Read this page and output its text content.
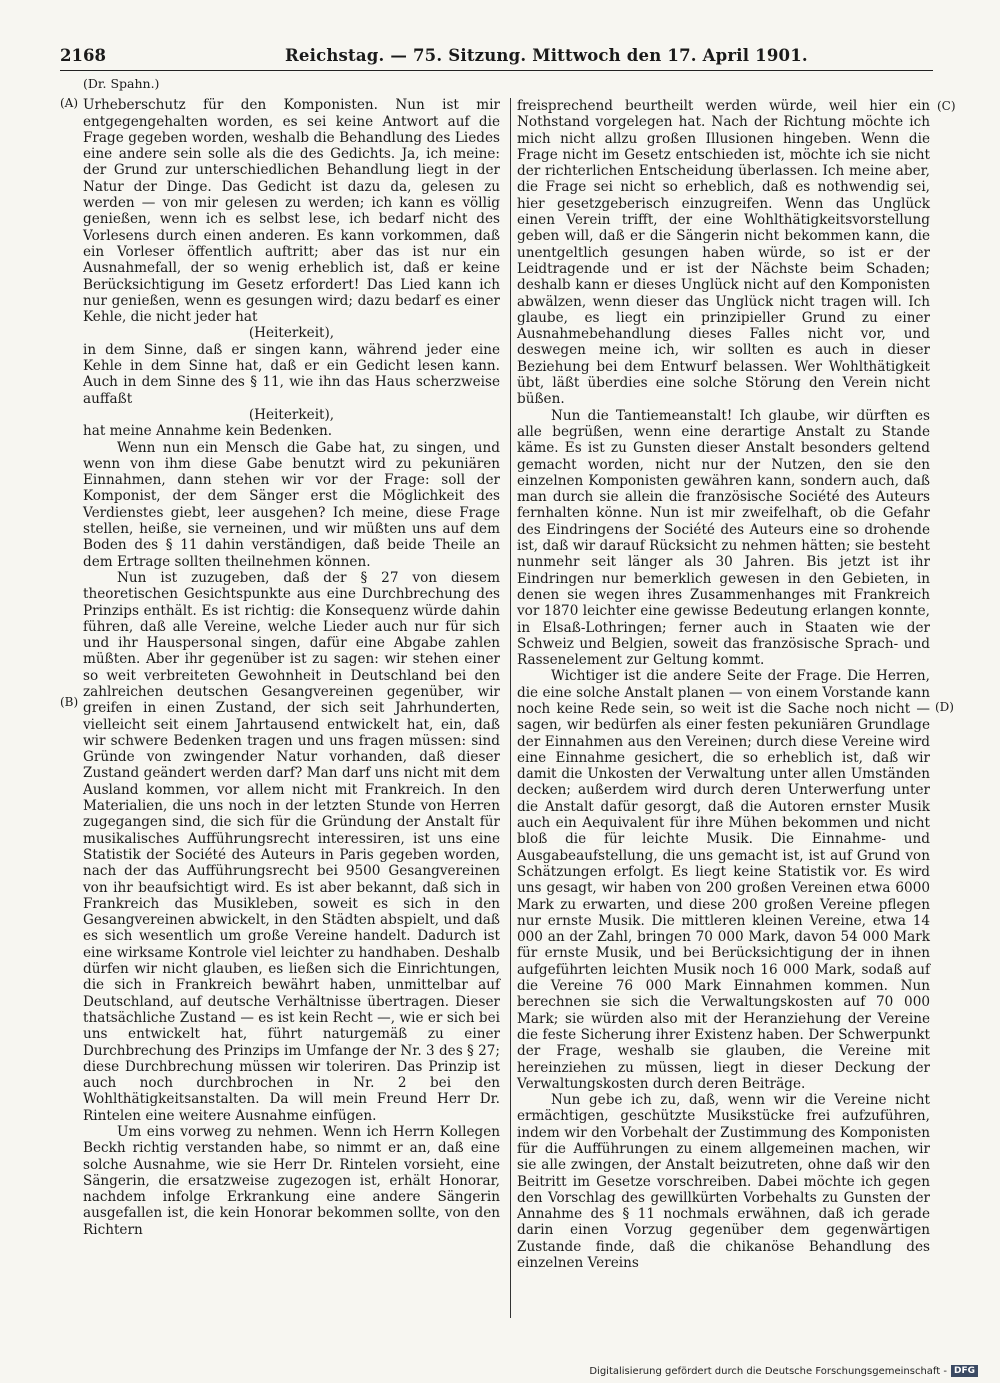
2168	Reichstag. — 75. Sitzung. Mittwoch den 17. April 1901.
(A)
(B)
(C)
(D)
(Dr. Spahn.)

Urheberschutz für den Komponisten. Nun ist mir entgegengehalten worden, es sei keine Antwort auf die Frage gegeben worden, weshalb die Behandlung des Liedes eine andere sein solle als die des Gedichts. Ja, ich meine: der Grund zur unterschiedlichen Behandlung liegt in der Natur der Dinge. Das Gedicht ist dazu da, gelesen zu werden — von mir gelesen zu werden; ich kann es völlig genießen, wenn ich es selbst lese, ich bedarf nicht des Vorlesens durch einen anderen. Es kann vorkommen, daß ein Vorleser öffentlich auftritt; aber das ist nur ein Ausnahmefall, der so wenig erheblich ist, daß er keine Berücksichtigung im Gesetz erfordert! Das Lied kann ich nur genießen, wenn es gesungen wird; dazu bedarf es einer Kehle, die nicht jeder hat

(Heiterkeit),

in dem Sinne, daß er singen kann, während jeder eine Kehle in dem Sinne hat, daß er ein Gedicht lesen kann. Auch in dem Sinne des § 11, wie ihn das Haus scherzweise auffaßt

(Heiterkeit),

hat meine Annahme kein Bedenken.

Wenn nun ein Mensch die Gabe hat, zu singen, und wenn von ihm diese Gabe benutzt wird zu pekuniären Einnahmen, dann stehen wir vor der Frage: soll der Komponist, der dem Sänger erst die Möglichkeit des Verdienstes giebt, leer ausgehen? Ich meine, diese Frage stellen, heiße, sie verneinen, und wir müßten uns auf dem Boden des § 11 dahin verständigen, daß beide Theile an dem Ertrage sollten theilnehmen können.

Nun ist zuzugeben, daß der § 27 von diesem theoretischen Gesichtspunkte aus eine Durchbrechung des Prinzips enthält. Es ist richtig: die Konsequenz würde dahin führen, daß alle Vereine, welche Lieder auch nur für sich und ihr Hauspersonal singen, dafür eine Abgabe zahlen müßten. Aber ihr gegenüber ist zu sagen: wir stehen einer so weit verbreiteten Gewohnheit in Deutschland bei den zahlreichen deutschen Gesangvereinen gegenüber, wir greifen in einen Zustand, der sich seit Jahrhunderten, vielleicht seit einem Jahrtausend entwickelt hat, ein, daß wir schwere Bedenken tragen und uns fragen müssen: sind Gründe von zwingender Natur vorhanden, daß dieser Zustand geändert werden darf? Man darf uns nicht mit dem Ausland kommen, vor allem nicht mit Frankreich. In den Materialien, die uns noch in der letzten Stunde von Herren zugegangen sind, die sich für die Gründung der Anstalt für musikalisches Aufführungsrecht interessiren, ist uns eine Statistik der Société des Auteurs in Paris gegeben worden, nach der das Aufführungsrecht bei 9500 Gesangvereinen von ihr beaufsichtigt wird. Es ist aber bekannt, daß sich in Frankreich das Musikleben, soweit es sich in den Gesangvereinen abwickelt, in den Städten abspielt, und daß es sich wesentlich um große Vereine handelt. Dadurch ist eine wirksame Kontrole viel leichter zu handhaben. Deshalb dürfen wir nicht glauben, es ließen sich die Einrichtungen, die sich in Frankreich bewährt haben, unmittelbar auf Deutschland, auf deutsche Verhältnisse übertragen. Dieser thatsächliche Zustand — es ist kein Recht —, wie er sich bei uns entwickelt hat, führt naturgemäß zu einer Durchbrechung des Prinzips im Umfange der Nr. 3 des § 27; diese Durchbrechung müssen wir toleriren. Das Prinzip ist auch noch durchbrochen in Nr. 2 bei den Wohlthätigkeitsanstalten. Da will mein Freund Herr Dr. Rintelen eine weitere Ausnahme einfügen.

Um eins vorweg zu nehmen. Wenn ich Herrn Kollegen Beckh richtig verstanden habe, so nimmt er an, daß eine solche Ausnahme, wie sie Herr Dr. Rintelen vorsieht, eine Sängerin, die ersatzweise zugezogen ist, erhält Honorar, nachdem infolge Erkrankung eine andere Sängerin ausgefallen ist, die kein Honorar bekommen sollte, von den Richtern

freisprechend beurtheilt werden würde, weil hier ein Nothstand vorgelegen hat. Nach der Richtung möchte ich mich nicht allzu großen Illusionen hingeben. Wenn die Frage nicht im Gesetz entschieden ist, möchte ich sie nicht der richterlichen Entscheidung überlassen. Ich meine aber, die Frage sei nicht so erheblich, daß es nothwendig sei, hier gesetzgeberisch einzugreifen. Wenn das Unglück einen Verein trifft, der eine Wohlthätigkeitsvorstellung geben will, daß er die Sängerin nicht bekommen kann, die unentgeltlich gesungen haben würde, so ist er der Leidtragende und er ist der Nächste beim Schaden; deshalb kann er dieses Unglück nicht auf den Komponisten abwälzen, wenn dieser das Unglück nicht tragen will. Ich glaube, es liegt ein prinzipieller Grund zu einer Ausnahmebehandlung dieses Falles nicht vor, und deswegen meine ich, wir sollten es auch in dieser Beziehung bei dem Entwurf belassen. Wer Wohlthätigkeit übt, läßt überdies eine solche Störung den Verein nicht büßen.

Nun die Tantiemeanstalt! Ich glaube, wir dürften es alle begrüßen, wenn eine derartige Anstalt zu Stande käme. Es ist zu Gunsten dieser Anstalt besonders geltend gemacht worden, nicht nur der Nutzen, den sie den einzelnen Komponisten gewähren kann, sondern auch, daß man durch sie allein die französische Société des Auteurs fernhalten könne. Nun ist mir zweifelhaft, ob die Gefahr des Eindringens der Société des Auteurs eine so drohende ist, daß wir darauf Rücksicht zu nehmen hätten; sie besteht nunmehr seit länger als 30 Jahren. Bis jetzt ist ihr Eindringen nur bemerklich gewesen in den Gebieten, in denen sie wegen ihres Zusammenhanges mit Frankreich vor 1870 leichter eine gewisse Bedeutung erlangen konnte, in Elsaß-Lothringen; ferner auch in Staaten wie der Schweiz und Belgien, soweit das französische Sprach- und Rassenelement zur Geltung kommt.

Wichtiger ist die andere Seite der Frage. Die Herren, die eine solche Anstalt planen — von einem Vorstande kann noch keine Rede sein, so weit ist die Sache noch nicht — sagen, wir bedürfen als einer festen pekuniären Grundlage der Einnahmen aus den Vereinen; durch diese Vereine wird eine Einnahme gesichert, die so erheblich ist, daß wir damit die Unkosten der Verwaltung unter allen Umständen decken; außerdem wird durch deren Unterwerfung unter die Anstalt dafür gesorgt, daß die Autoren ernster Musik auch ein Aequivalent für ihre Mühen bekommen und nicht bloß die für leichte Musik. Die Einnahme- und Ausgabeaufstellung, die uns gemacht ist, ist auf Grund von Schätzungen erfolgt. Es liegt keine Statistik vor. Es wird uns gesagt, wir haben von 200 großen Vereinen etwa 6000 Mark zu erwarten, und diese 200 großen Vereine pflegen nur ernste Musik. Die mittleren kleinen Vereine, etwa 14 000 an der Zahl, bringen 70 000 Mark, davon 54 000 Mark für ernste Musik, und bei Berücksichtigung der in ihnen aufgeführten leichten Musik noch 16 000 Mark, sodaß auf die Vereine 76 000 Mark Einnahmen kommen. Nun berechnen sie sich die Verwaltungskosten auf 70 000 Mark; sie würden also mit der Heranziehung der Vereine die feste Sicherung ihrer Existenz haben. Der Schwerpunkt der Frage, weshalb sie glauben, die Vereine mit hereinziehen zu müssen, liegt in dieser Deckung der Verwaltungskosten durch deren Beiträge.

Nun gebe ich zu, daß, wenn wir die Vereine nicht ermächtigen, geschützte Musikstücke frei aufzuführen, indem wir den Vorbehalt der Zustimmung des Komponisten für die Aufführungen zu einem allgemeinen machen, wir sie alle zwingen, der Anstalt beizutreten, ohne daß wir den Beitritt im Gesetze vorschreiben. Dabei möchte ich gegen den Vorschlag des gewillkürten Vorbehalts zu Gunsten der Annahme des § 11 nochmals erwähnen, daß ich gerade darin einen Vorzug gegenüber dem gegenwärtigen Zustande finde, daß die chikanöse Behandlung des einzelnen Vereins

Digitalisierung gefördert durch die Deutsche Forschungsgemeinschaft - DFG
